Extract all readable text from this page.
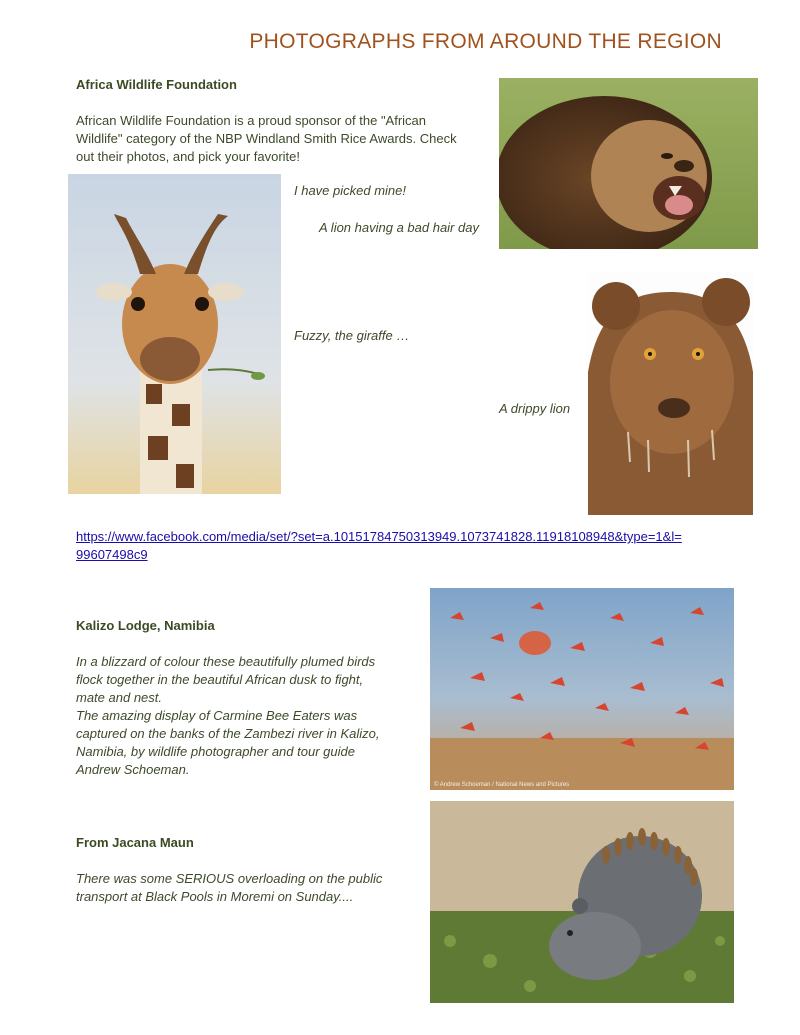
PHOTOGRAPHS FROM AROUND THE REGION
Africa Wildlife Foundation
African Wildlife Foundation is a proud sponsor of the "African
Wildlife" category of the NBP Windland Smith Rice Awards. Check
out their photos, and pick your favorite!
I have picked mine!
A lion having a bad hair day
Fuzzy, the giraffe …
A drippy lion
https://www.facebook.com/media/set/?set=a.10151784750313949.1073741828.11918108948&type=1&l=
99607498c9
Kalizo Lodge, Namibia
In a blizzard of colour these beautifully plumed birds
flock together in the beautiful African dusk to fight,
mate and nest.
The amazing display of Carmine Bee Eaters was
captured on the banks of the Zambezi river in Kalizo,
Namibia, by wildlife photographer and tour guide
Andrew Schoeman.
© Andrew Schoeman / National News and Pictures
From Jacana Maun
There was some SERIOUS overloading on the public
transport at Black Pools in Moremi on Sunday....
